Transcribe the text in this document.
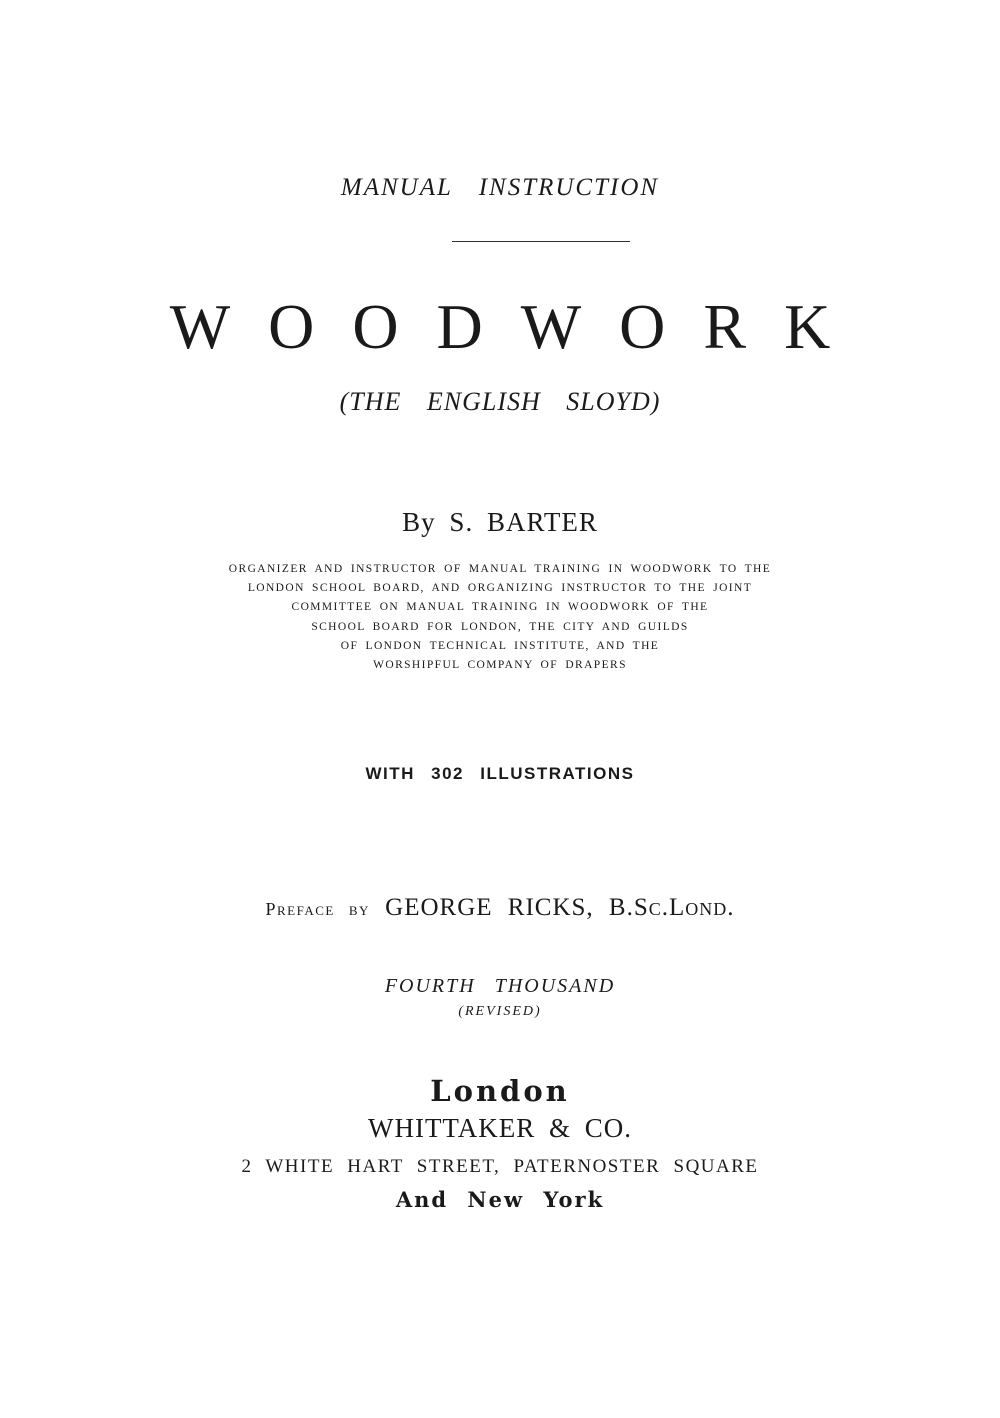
MANUAL INSTRUCTION
WOODWORK
(THE ENGLISH SLOYD)
By S. BARTER
ORGANIZER AND INSTRUCTOR OF MANUAL TRAINING IN WOODWORK TO THE
LONDON SCHOOL BOARD, AND ORGANIZING INSTRUCTOR TO THE JOINT
COMMITTEE ON MANUAL TRAINING IN WOODWORK OF THE
SCHOOL BOARD FOR LONDON, THE CITY AND GUILDS
OF LONDON TECHNICAL INSTITUTE, AND THE
WORSHIPFUL COMPANY OF DRAPERS
WITH 302 ILLUSTRATIONS
Preface by GEORGE RICKS, B.Sc.Lond.
FOURTH THOUSAND
(REVISED)
London
WHITTAKER & CO.
2 WHITE HART STREET, PATERNOSTER SQUARE
And New York
